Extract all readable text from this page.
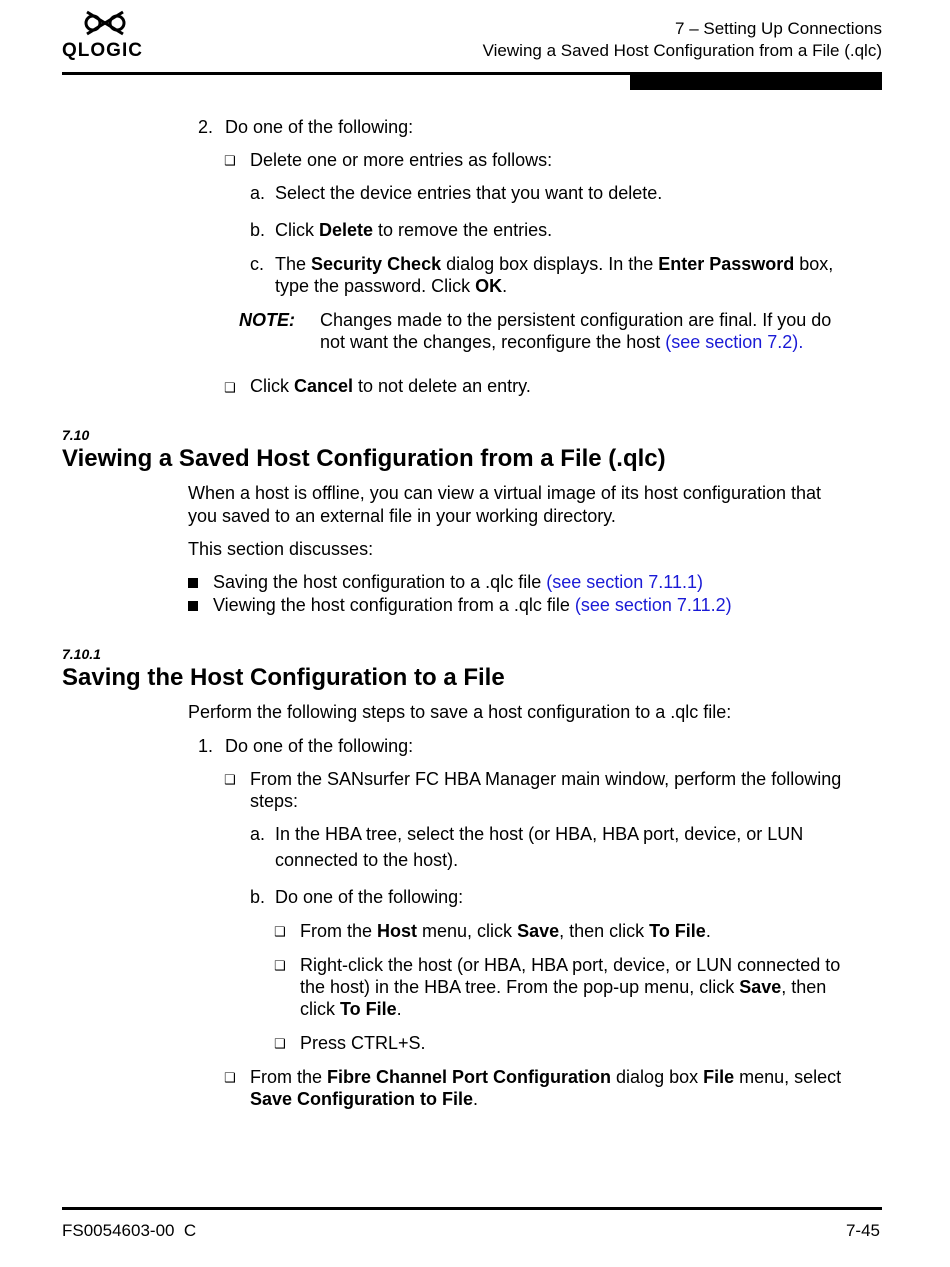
QLOGIC
7 – Setting Up Connections
Viewing a Saved Host Configuration from a File (.qlc)
2. Do one of the following:
❑ Delete one or more entries as follows:
a. Select the device entries that you want to delete.
b. Click Delete to remove the entries.
c. The Security Check dialog box displays. In the Enter Password box,
type the password. Click OK.
NOTE: Changes made to the persistent configuration are final. If you do
not want the changes, reconfigure the host (see section 7.2).
❑ Click Cancel to not delete an entry.
7.10
Viewing a Saved Host Configuration from a File (.qlc)
When a host is offline, you can view a virtual image of its host configuration that
you saved to an external file in your working directory.
This section discusses:
Saving the host configuration to a .qlc file (see section 7.11.1)
Viewing the host configuration from a .qlc file (see section 7.11.2)
7.10.1
Saving the Host Configuration to a File
Perform the following steps to save a host configuration to a .qlc file:
1. Do one of the following:
❑ From the SANsurfer FC HBA Manager main window, perform the following
steps:
a. In the HBA tree, select the host (or HBA, HBA port, device, or LUN
connected to the host).
b. Do one of the following:
❑ From the Host menu, click Save, then click To File.
❑ Right-click the host (or HBA, HBA port, device, or LUN connected to
the host) in the HBA tree. From the pop-up menu, click Save, then
click To File.
❑ Press CTRL+S.
❑ From the Fibre Channel Port Configuration dialog box File menu, select
Save Configuration to File.
FS0054603-00  C	7-45
